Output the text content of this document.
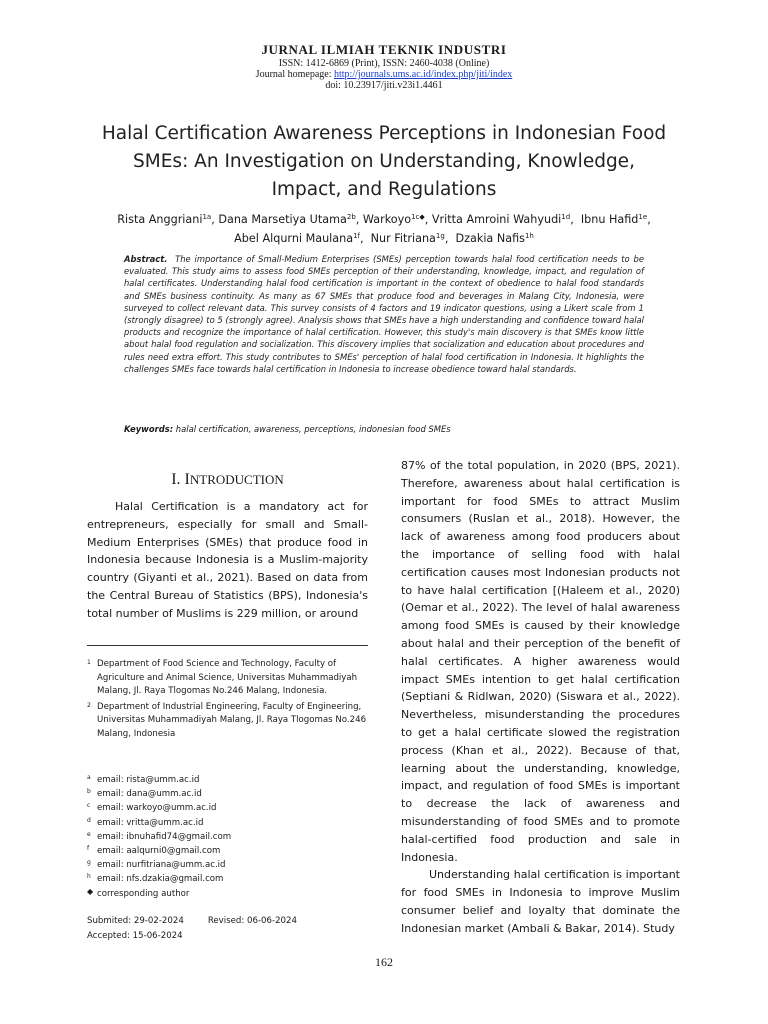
JURNAL ILMIAH TEKNIK INDUSTRI
ISSN: 1412-6869 (Print), ISSN: 2460-4038 (Online)
Journal homepage: http://journals.ums.ac.id/index.php/jiti/index
doi: 10.23917/jiti.v23i1.4461
Halal Certification Awareness Perceptions in Indonesian Food SMEs: An Investigation on Understanding, Knowledge, Impact, and Regulations
Rista Anggriani$^{1a}$, Dana Marsetiya Utama$^{2b}$, Warkoyo$^{1c◆}$, Vritta Amroini Wahyudi$^{1d}$,  Ibnu Hafid$^{1e}$,
Abel Alqurni Maulana$^{1f}$,  Nur Fitriana$^{1g}$,  Dzakia Nafis$^{1h}$
Abstract. The importance of Small-Medium Enterprises (SMEs) perception towards halal food certification needs to be evaluated. This study aims to assess food SMEs perception of their understanding, knowledge, impact, and regulation of halal certificates. Understanding halal food certification is important in the context of obedience to halal food standards and SMEs business continuity. As many as 67 SMEs that produce food and beverages in Malang City, Indonesia, were surveyed to collect relevant data. This survey consists of 4 factors and 19 indicator questions, using a Likert scale from 1 (strongly disagree) to 5 (strongly agree). Analysis shows that SMEs have a high understanding and confidence toward halal products and recognize the importance of halal certification. However, this study's main discovery is that SMEs know little about halal food regulation and socialization. This discovery implies that socialization and education about procedures and rules need extra effort. This study contributes to SMEs' perception of halal food certification in Indonesia. It highlights the challenges SMEs face towards halal certification in Indonesia to increase obedience toward halal standards.
Keywords: halal certification, awareness, perceptions, indonesian food SMEs
I. INTRODUCTION

Halal Certification is a mandatory act for entrepreneurs, especially for small and Small-Medium Enterprises (SMEs) that produce food in Indonesia because Indonesia is a Muslim-majority country (Giyanti et al., 2021). Based on data from the Central Bureau of Statistics (BPS), Indonesia's total number of Muslims is 229 million, or around

1 Department of Food Science and Technology, Faculty of Agriculture and Animal Science, Universitas Muhammadiyah Malang, Jl. Raya Tlogomas No.246 Malang, Indonesia.
2 Department of Industrial Engineering, Faculty of Engineering, Universitas Muhammadiyah Malang, Jl. Raya Tlogomas No.246 Malang, Indonesia
a email: rista@umm.ac.id
b email: dana@umm.ac.id
c email: warkoyo@umm.ac.id
d email: vritta@umm.ac.id
e email: ibnuhafid74@gmail.com
f email: aalqurni0@gmail.com
g email: nurfitriana@umm.ac.id
h email: nfs.dzakia@gmail.com
◆ corresponding author
Submited: 29-02-2024	Revised: 06-06-2024
Accepted: 15-06-2024

87% of the total population, in 2020 (BPS, 2021). Therefore, awareness about halal certification is important for food SMEs to attract Muslim consumers (Ruslan et al., 2018). However, the lack of awareness among food producers about the importance of selling food with halal certification causes most Indonesian products not to have halal certification [(Haleem et al., 2020) (Oemar et al., 2022). The level of halal awareness among food SMEs is caused by their knowledge about halal and their perception of the benefit of halal certificates. A higher awareness would impact SMEs intention to get halal certification (Septiani & Ridlwan, 2020) (Siswara et al., 2022). Nevertheless, misunderstanding the procedures to get a halal certificate slowed the registration process (Khan et al., 2022). Because of that, learning about the understanding, knowledge, impact, and regulation of food SMEs is important to decrease the lack of awareness and misunderstanding of food SMEs and to promote halal-certified food production and sale in Indonesia.

Understanding halal certification is important for food SMEs in Indonesia to improve Muslim consumer belief and loyalty that dominate the Indonesian market (Ambali & Bakar, 2014). Study

162
